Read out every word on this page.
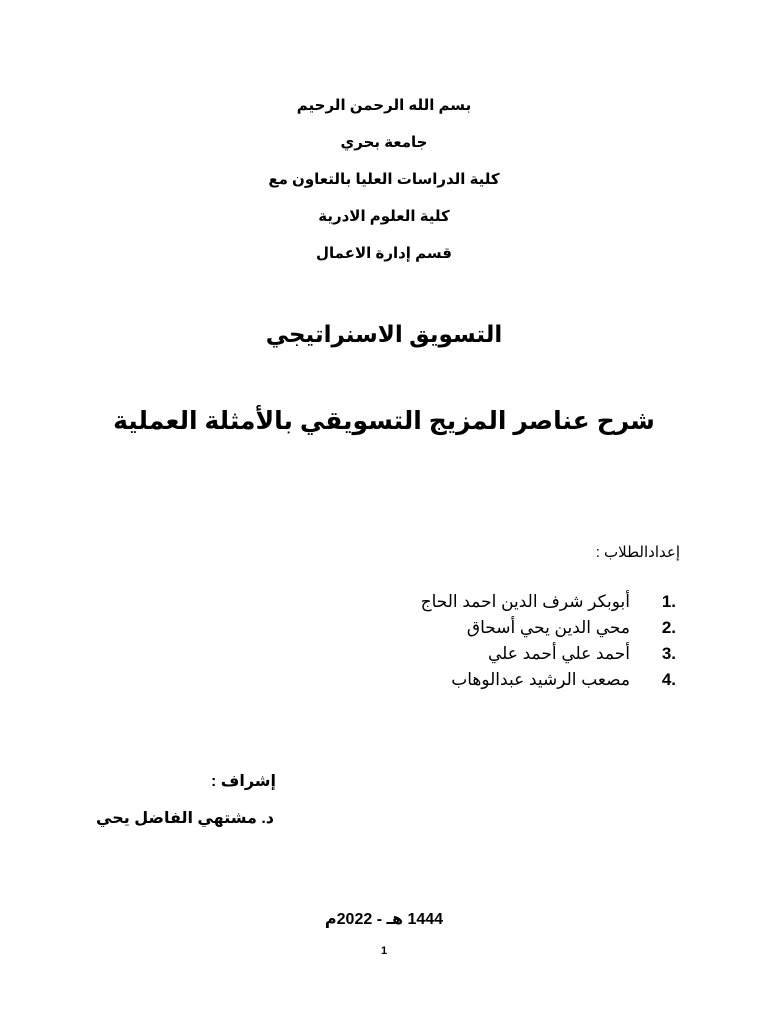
بسم الله الرحمن الرحيم
جامعة بحري
كلية الدراسات العليا بالتعاون مع
كلية العلوم الادرية
قسم إدارة الاعمال
التسويق الاسنراتيجي
شرح عناصر المزيج التسويقي بالأمثلة العملية
إعدادالطلاب :
1.
أبوبكر شرف الدين احمد الحاج
2.
محي الدين يحي أسحاق
3.
أحمد علي أحمد علي
4.
مصعب الرشيد عبدالوهاب
إشراف :
د. مشتهي الفاضل يحي
1444 هـ - 2022م
1
